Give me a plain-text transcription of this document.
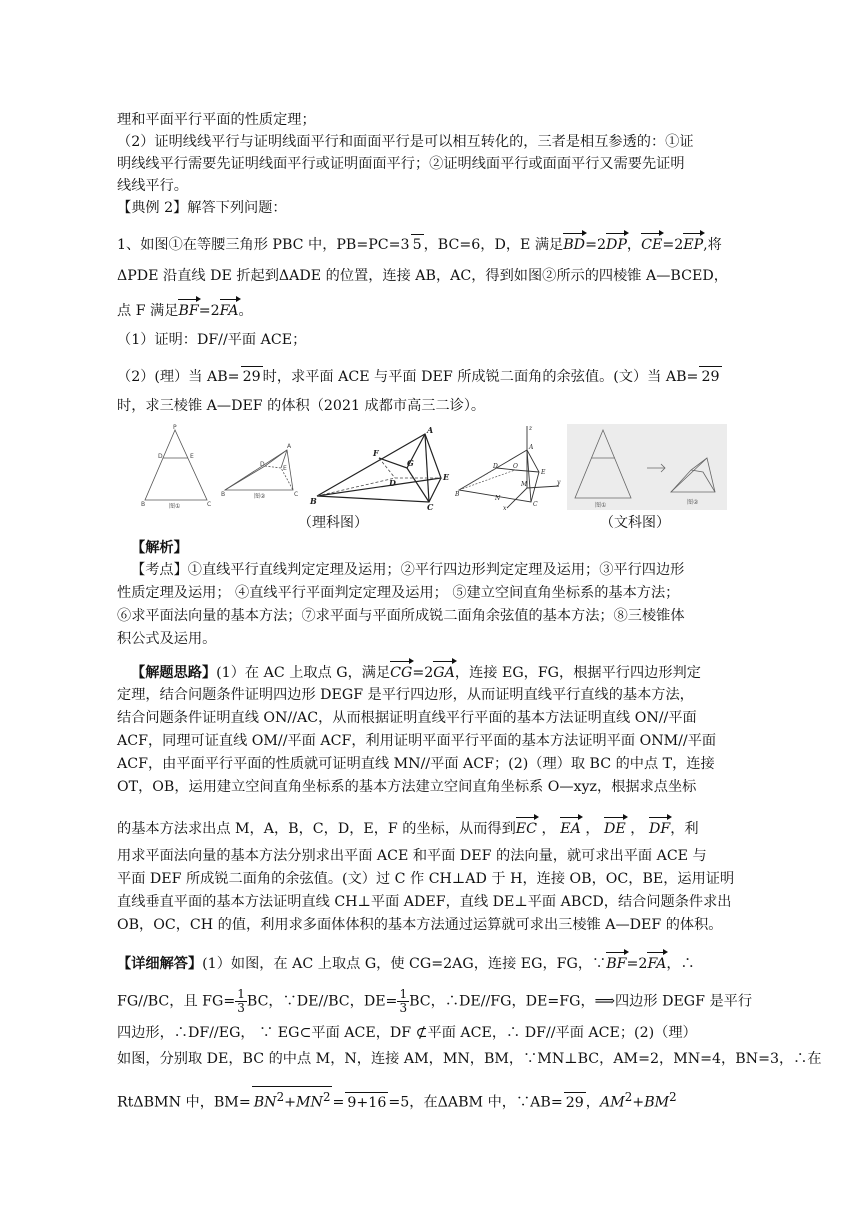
理和平面平行平面的性质定理；
（2）证明线线平行与证明线面平行和面面平行是可以相互转化的，三者是相互参透的：①证
明线线平行需要先证明线面平行或证明面面平行；②证明线面平行或面面平行又需要先证明
线线平行。
【典例 2】解答下列问题：
1、如图①在等腰三角形 PBC 中，PB=PC=3 5 ，BC=6，D，E 满足BD=2DP，CE=2EP,将
ΔPDE 沿直线 DE 折起到ΔADE 的位置，连接 AB，AC，得到如图②所示的四棱锥 A—BCED，
点 F 满足BF=2FA。
（1）证明：DF//平面 ACE；
（2）(理）当 AB= 29 时，求平面 ACE 与平面 DEF 所成锐二面角的余弦值。(文）当 AB= 29
时，求三棱锥 A—DEF 的体积（2021 成都市高三二诊）。
P
D	E
B	C
图①
A
D
E
B	C
图②
A
F
G
D
E
B
C
z
A
D	O
E
M
B
N
C
x
y
图①	图②
（理科图）	（文科图）
【解析】
【考点】①直线平行直线判定定理及运用；②平行四边形判定定理及运用；③平行四边形
性质定理及运用； ④直线平行平面判定定理及运用； ⑤建立空间直角坐标系的基本方法；
⑥求平面法向量的基本方法；⑦求平面与平面所成锐二面角余弦值的基本方法；⑧三棱锥体
积公式及运用。
【解题思路】(1）在 AC 上取点 G，满足CG=2GA，连接 EG，FG，根据平行四边形判定
定理，结合问题条件证明四边形 DEGF 是平行四边形，从而证明直线平行直线的基本方法，
结合问题条件证明直线 ON//AC，从而根据证明直线平行平面的基本方法证明直线 ON//平面
ACF，同理可证直线 OM//平面 ACF，利用证明平面平行平面的基本方法证明平面 ONM//平面
ACF，由平面平行平面的性质就可证明直线 MN//平面 ACF；(2)（理）取 BC 的中点 T，连接
OT，OB，运用建立空间直角坐标系的基本方法建立空间直角坐标系 O—xyz，根据求点坐标
的基本方法求出点 M，A，B，C，D，E，F 的坐标，从而得到EC ， EA ， DE ， DF，利
用求平面法向量的基本方法分别求出平面 ACE 和平面 DEF 的法向量，就可求出平面 ACE 与
平面 DEF 所成锐二面角的余弦值。(文）过 C 作 CH⊥AD 于 H，连接 OB，OC，BE，运用证明
直线垂直平面的基本方法证明直线 CH⊥平面 ADEF，直线 DE⊥平面 ABCD，结合问题条件求出
OB，OC，CH 的值，利用求多面体体积的基本方法通过运算就可求出三棱锥 A—DEF 的体积。
【详细解答】(1）如图，在 AC 上取点 G，使 CG=2AG，连接 EG，FG，∵BF=2FA，∴
FG//BC，且 $FG= \frac{1}{3}$ BC，∵DE//BC，$DE= \frac{1}{3}$ BC，∴DE//FG，DE=FG，⟹四边形 DEGF 是平行
四边形，∴DF//EG， ∵ EG⊂平面 ACE，DF ⊄平面 ACE，∴ DF//平面 ACE；(2)（理）
如图，分别取 DE，BC 的中点 M，N，连接 AM，MN，BM，∵MN⊥BC，AM=2，MN=4，BN=3，∴在
RtΔBMN 中，$BM= BN^2+MN^2 = 9+16 =5$，在ΔABM 中，∵AB= 29 ，$AM^2+BM^2$
